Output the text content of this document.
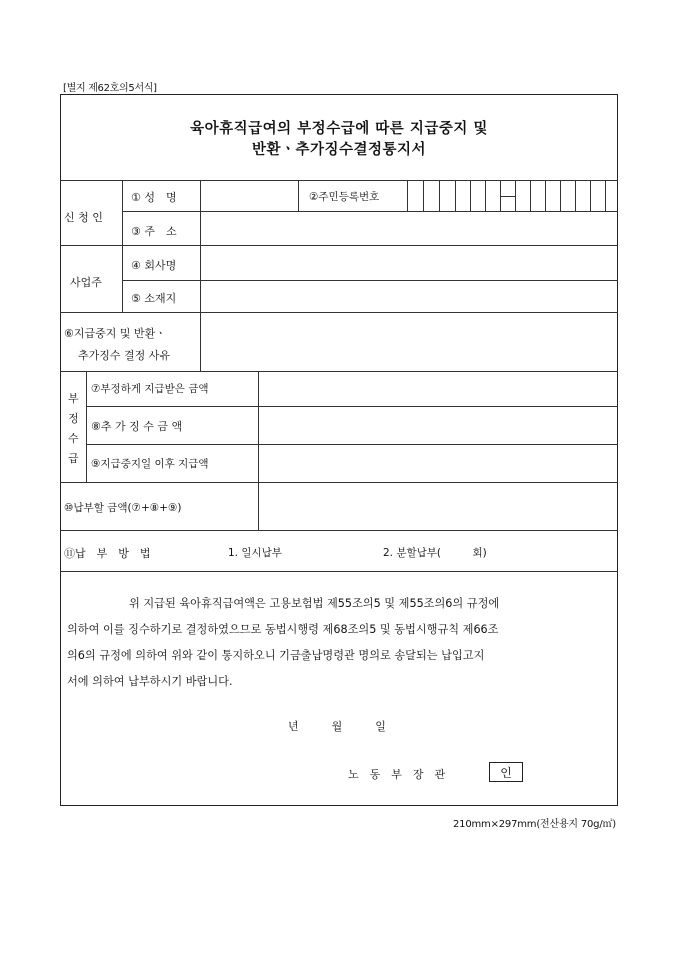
[별지 제62호의5서식]
육아휴직급여의 부정수급에 따른 지급중지 및
반환ㆍ추가징수결정통지서
신 청 인
① 성　명	②주민등록번호
③ 주　소
사업주
④ 회사명
⑤ 소재지
⑥지급중지 및 반환ㆍ
추가징수 결정 사유
부
정
수
급
⑦부정하게 지급받은 금액
⑧추 가 징 수 금 액
⑨지급중지일 이후 지급액
⑩납부할 금액(⑦+⑧+⑨)
⑪납　부　방　법	1. 일시납부	2. 분할납부(　　　회)
위 지급된 육아휴직급여액은 고용보험법 제55조의5 및 제55조의6의 규정에
의하여 이를 징수하기로 결정하였으므로 동법시행령 제68조의5 및 동법시행규칙 제66조
의6의 규정에 의하여 위와 같이 통지하오니 기금출납명령관 명의로 송달되는 납입고지
서에 의하여 납부하시기 바랍니다.
년　　　월　　　일
노　동　부　장　관	인
210mm×297mm(전산용지 70g/㎡)
